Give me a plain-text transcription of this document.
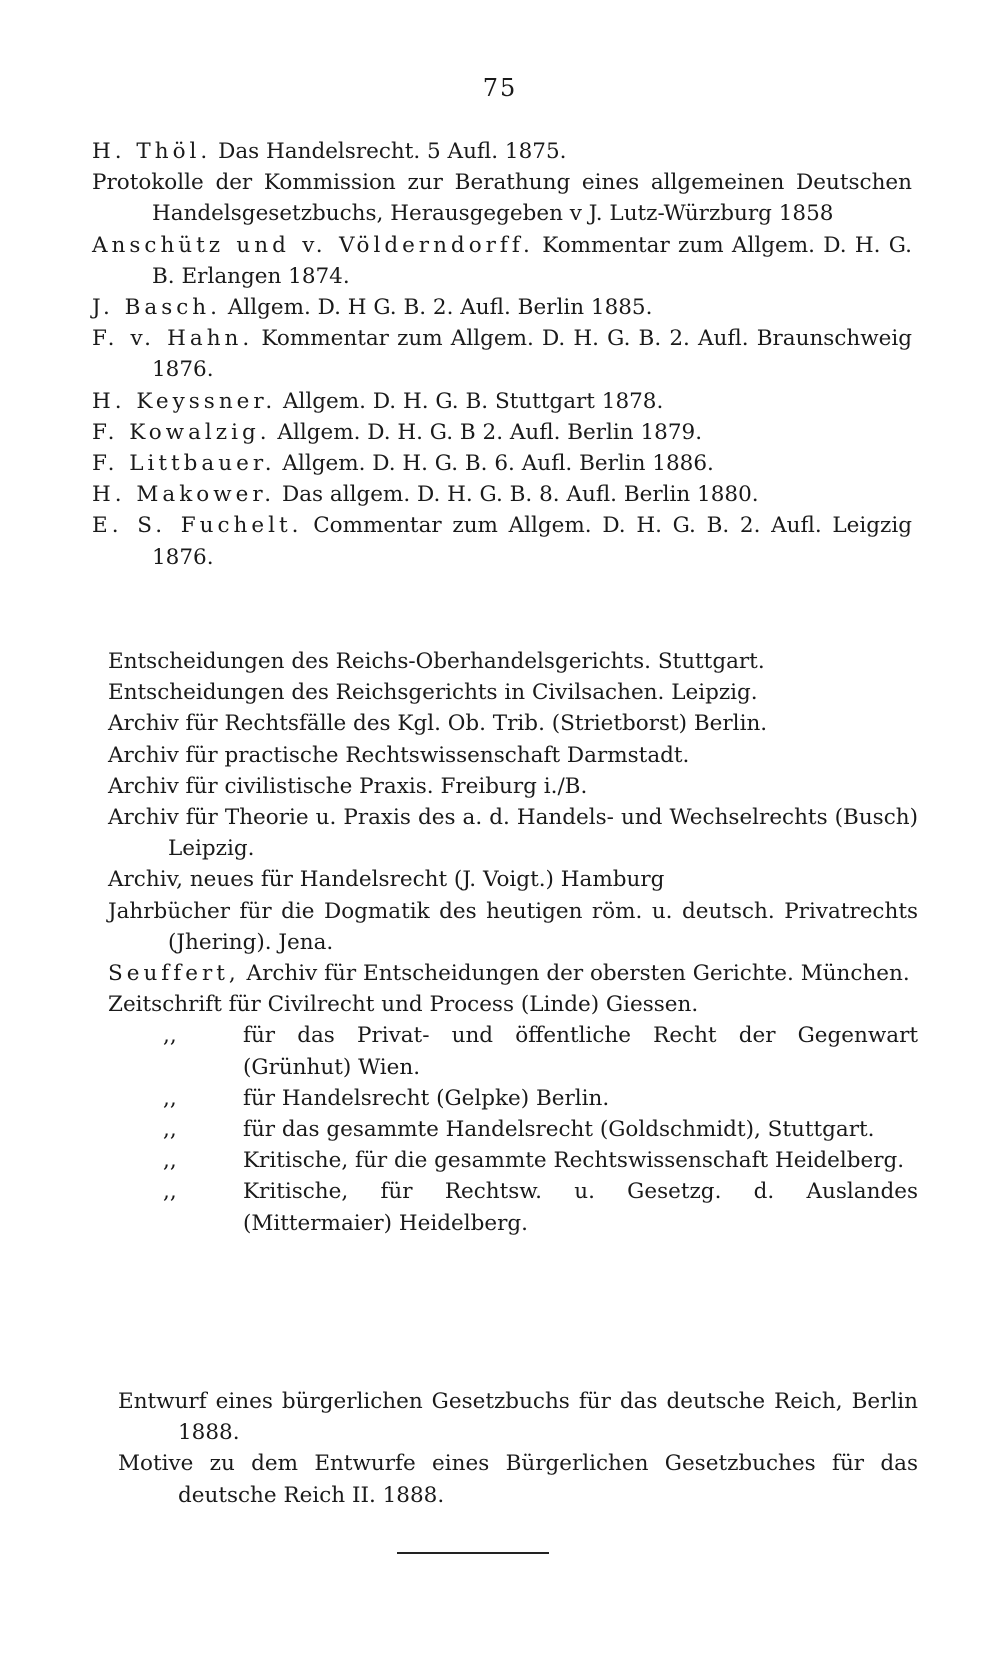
75

H. Thöl. Das Handelsrecht. 5 Aufl. 1875.

Protokolle der Kommission zur Berathung eines allgemeinen Deutschen Handelsgesetzbuchs, Herausgegeben v J. Lutz-Würzburg 1858

Anschütz und v. Völderndorff. Kommentar zum Allgem. D. H. G. B. Erlangen 1874.

J. Basch. Allgem. D. H G. B. 2. Aufl. Berlin 1885.

F. v. Hahn. Kommentar zum Allgem. D. H. G. B. 2. Aufl. Braunschweig 1876.

H. Keyssner. Allgem. D. H. G. B. Stuttgart 1878.

F. Kowalzig. Allgem. D. H. G. B 2. Aufl. Berlin 1879.

F. Littbauer. Allgem. D. H. G. B. 6. Aufl. Berlin 1886.

H. Makower. Das allgem. D. H. G. B. 8. Aufl. Berlin 1880.

E. S. Fuchelt. Commentar zum Allgem. D. H. G. B. 2. Aufl. Leigzig 1876.

Entscheidungen des Reichs-Oberhandelsgerichts. Stuttgart.

Entscheidungen des Reichsgerichts in Civilsachen. Leipzig.

Archiv für Rechtsfälle des Kgl. Ob. Trib. (Strietborst) Berlin.

Archiv für practische Rechtswissenschaft Darmstadt.

Archiv für civilistische Praxis. Freiburg i./B.

Archiv für Theorie u. Praxis des a. d. Handels- und Wechselrechts (Busch) Leipzig.

Archiv, neues für Handelsrecht (J. Voigt.) Hamburg

Jahrbücher für die Dogmatik des heutigen röm. u. deutsch. Privatrechts (Jhering). Jena.

Seuffert, Archiv für Entscheidungen der obersten Gerichte. München.

Zeitschrift für Civilrecht und Process (Linde) Giessen.

,,	für das Privat- und öffentliche Recht der Gegenwart (Grünhut) Wien.

,,	für Handelsrecht (Gelpke) Berlin.

,,	für das gesammte Handelsrecht (Goldschmidt), Stuttgart.

,,	Kritische, für die gesammte Rechtswissenschaft Heidelberg.

,,	Kritische, für Rechtsw. u. Gesetzg. d. Auslandes (Mittermaier) Heidelberg.

Entwurf eines bürgerlichen Gesetzbuchs für das deutsche Reich, Berlin 1888.

Motive zu dem Entwurfe eines Bürgerlichen Gesetzbuches für das deutsche Reich II. 1888.
